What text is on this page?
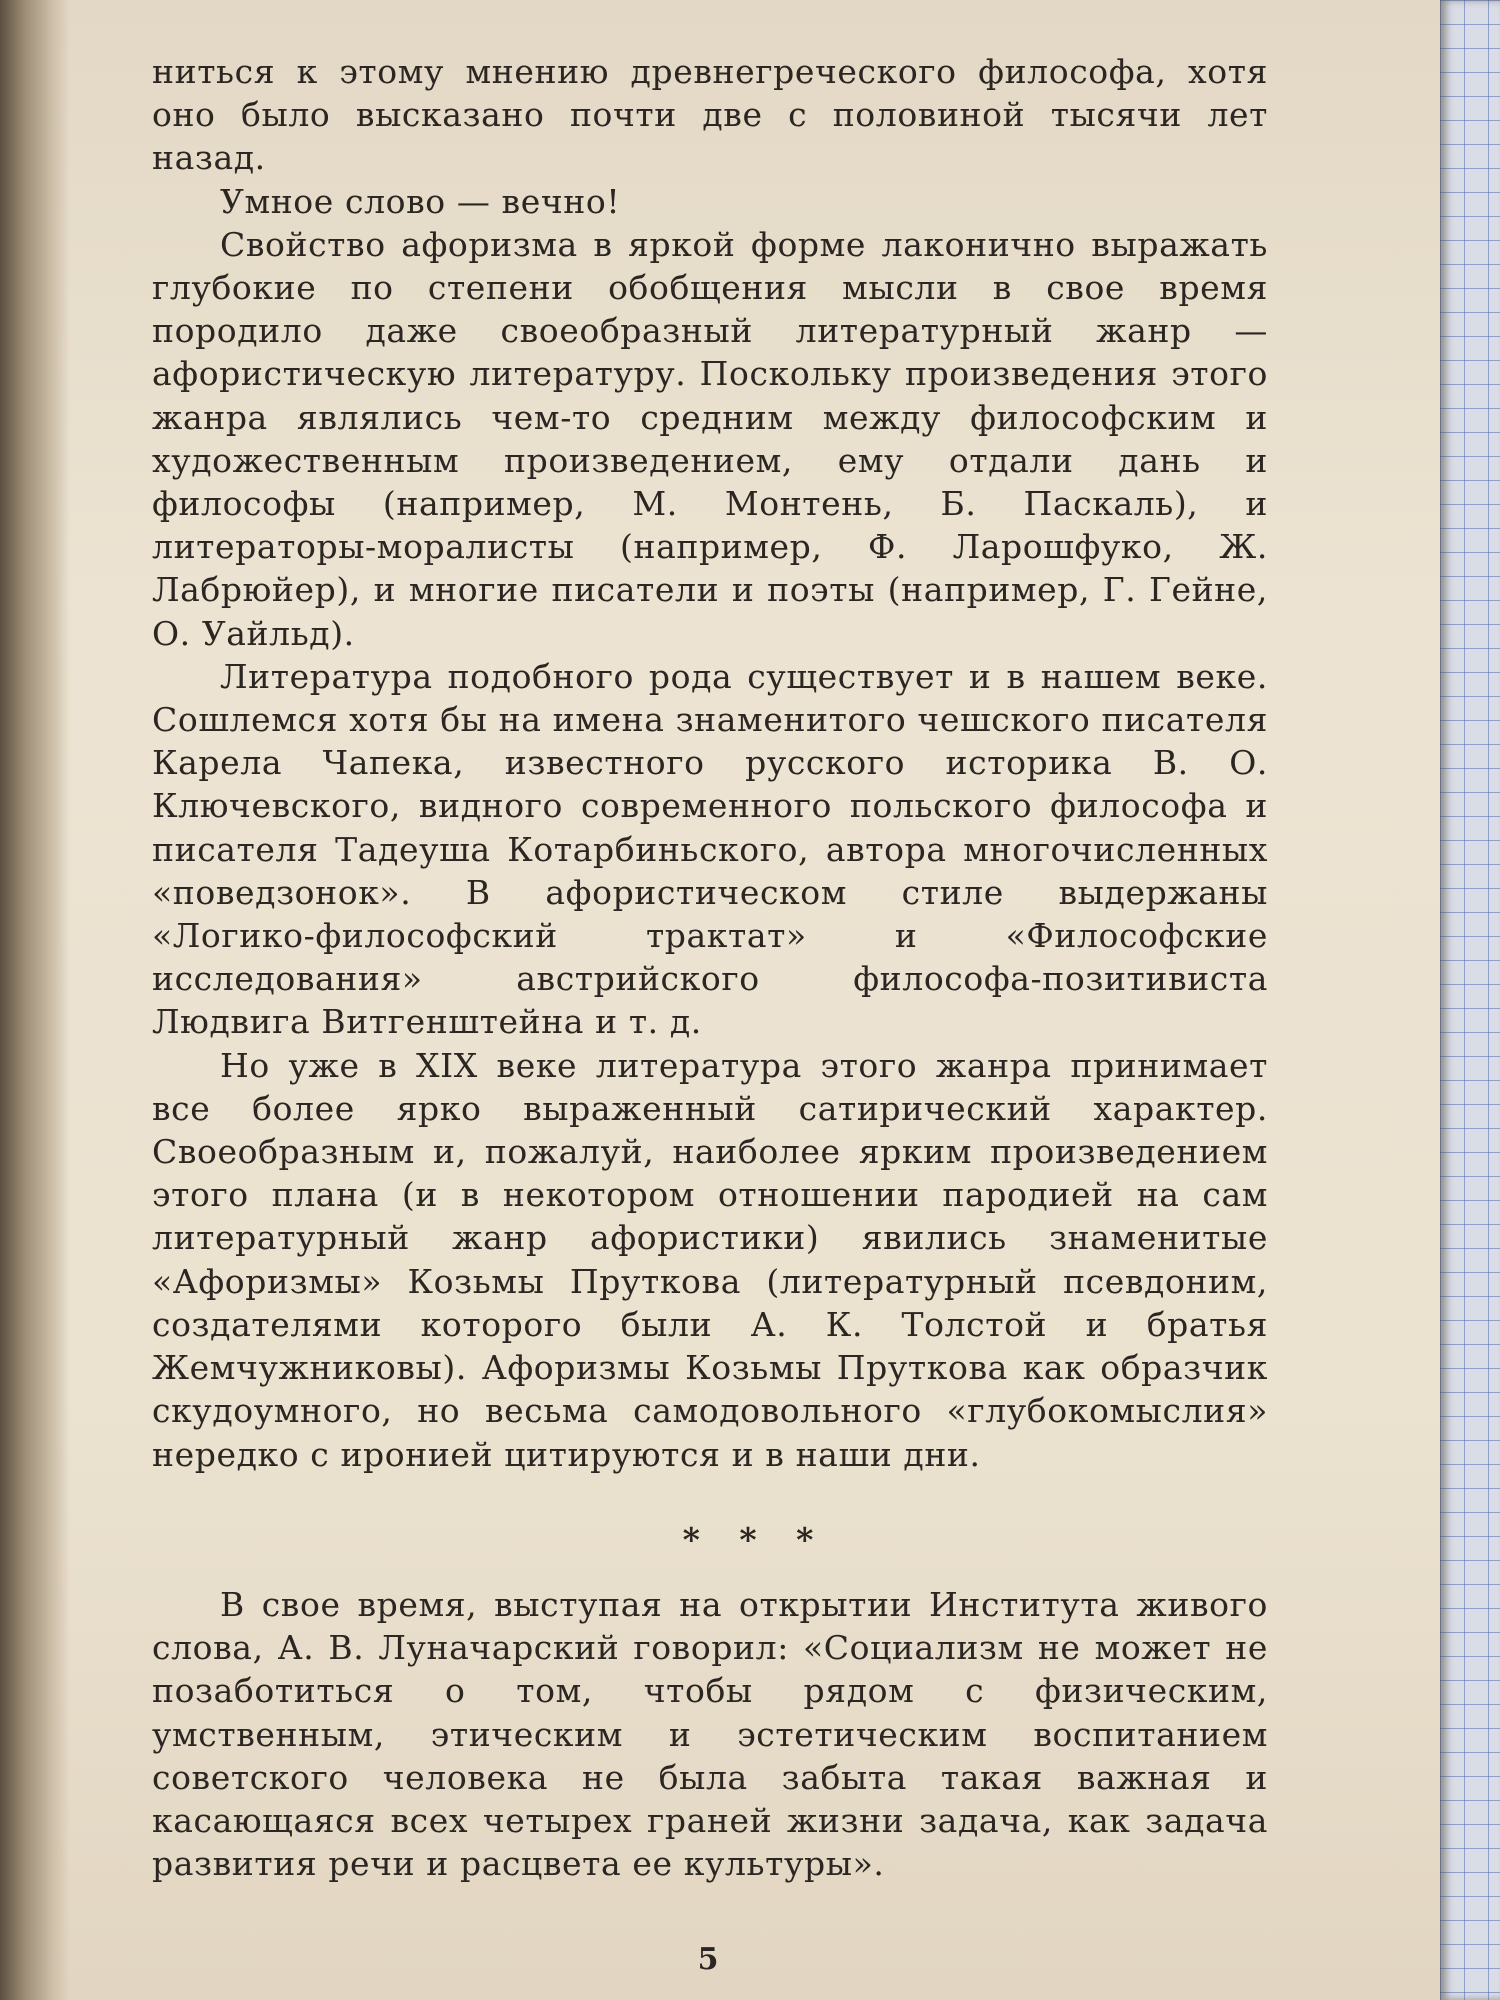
ниться к этому мнению древнегреческого философа, хотя оно было высказано почти две с половиной тысячи лет назад.

Умное слово — вечно!

Свойство афоризма в яркой форме лаконично выражать глубокие по степени обобщения мысли в свое время породило даже своеобразный литературный жанр — афористическую литературу. Поскольку произведения этого жанра являлись чем-то средним между философским и художественным произведением, ему отдали дань и философы (например, М. Монтень, Б. Паскаль), и литераторы-моралисты (например, Ф. Ларошфуко, Ж. Лабрюйер), и многие писатели и поэты (например, Г. Гейне, О. Уайльд).

Литература подобного рода существует и в нашем веке. Сошлемся хотя бы на имена знаменитого чешского писателя Карела Чапека, известного русского историка В. О. Ключевского, видного современного польского философа и писателя Тадеуша Котарбиньского, автора многочисленных «поведзонок». В афористическом стиле выдержаны «Логико-философский трактат» и «Философские исследования» австрийского философа-позитивиста Людвига Витгенштейна и т. д.

Но уже в XIX веке литература этого жанра принимает все более ярко выраженный сатирический характер. Своеобразным и, пожалуй, наиболее ярким произведением этого плана (и в некотором отношении пародией на сам литературный жанр афористики) явились знаменитые «Афоризмы» Козьмы Пруткова (литературный псевдоним, создателями которого были А. К. Толстой и братья Жемчужниковы). Афоризмы Козьмы Пруткова как образчик скудоумного, но весьма самодовольного «глубокомыслия» нередко с иронией цитируются и в наши дни.

* * *

В свое время, выступая на открытии Института живого слова, А. В. Луначарский говорил: «Социализм не может не позаботиться о том, чтобы рядом с физическим, умственным, этическим и эстетическим воспитанием советского человека не была забыта такая важная и касающаяся всех четырех граней жизни задача, как задача развития речи и расцвета ее культуры».

5
